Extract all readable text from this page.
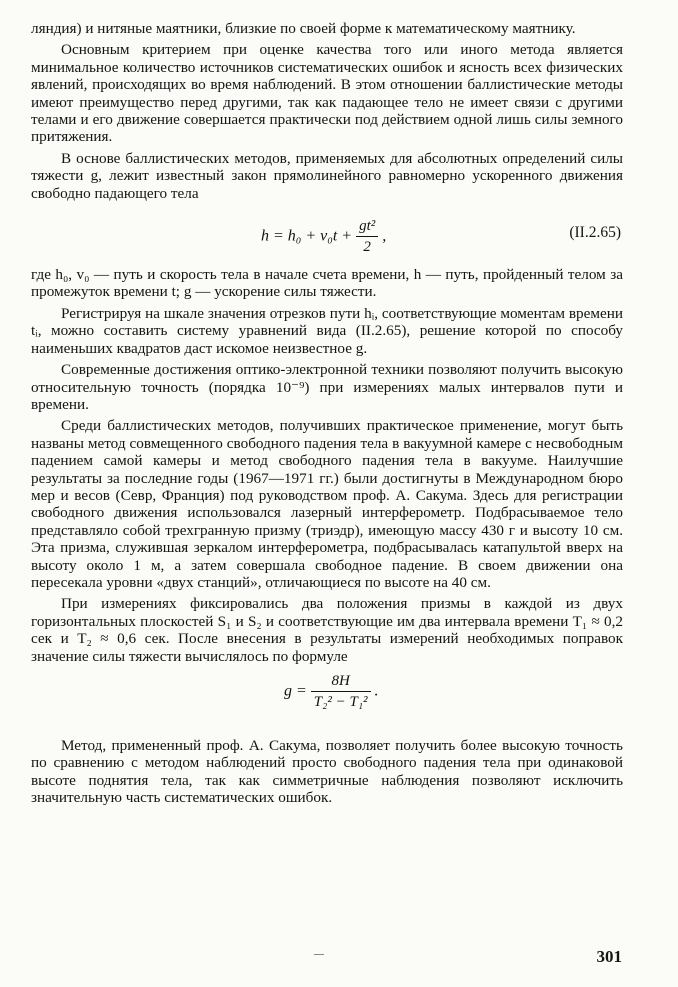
ляндия) и нитяные маятники, близкие по своей форме к математическому маятнику.

Основным критерием при оценке качества того или иного метода является минимальное количество источников систематических ошибок и ясность всех физических явлений, происходящих во время наблюдений. В этом отношении баллистические методы имеют преимущество перед другими, так как падающее тело не имеет связи с другими телами и его движение совершается практически под действием одной лишь силы земного притяжения.

В основе баллистических методов, применяемых для абсолютных определений силы тяжести g, лежит известный закон прямолинейного равномерно ускоренного движения свободно падающего тела

$h = h_0 + v_0t + \frac{\text{gt²}}{2}$ ,	(II.2.65)

где h₀, v₀ — путь и скорость тела в начале счета времени, h — путь, пройденный телом за промежуток времени t; g — ускорение силы тяжести.

Регистрируя на шкале значения отрезков пути hᵢ, соответствующие моментам времени tᵢ, можно составить систему уравнений вида (II.2.65), решение которой по способу наименьших квадратов даст искомое неизвестное g.

Современные достижения оптико-электронной техники позволяют получить высокую относительную точность (порядка 10⁻⁹) при измерениях малых интервалов пути и времени.

Среди баллистических методов, получивших практическое применение, могут быть названы метод совмещенного свободного падения тела в вакуумной камере с несвободным падением самой камеры и метод свободного падения тела в вакууме. Наилучшие результаты за последние годы (1967—1971 гг.) были достигнуты в Международном бюро мер и весов (Севр, Франция) под руководством проф. А. Сакума. Здесь для регистрации свободного движения использовался лазерный интерферометр. Подбрасываемое тело представляло собой трехгранную призму (триэдр), имеющую массу 430 г и высоту 10 см. Эта призма, служившая зеркалом интерферометра, подбрасывалась катапультой вверх на высоту около 1 м, а затем совершала свободное падение. В своем движении она пересекала уровни «двух станций», отличающиеся по высоте на 40 см.

При измерениях фиксировались два положения призмы в каждой из двух горизонтальных плоскостей S₁ и S₂ и соответствующие им два интервала времени T₁ ≈ 0,2 сек и T₂ ≈ 0,6 сек. После внесения в результаты измерений необходимых поправок значение силы тяжести вычислялось по формуле

$g = \frac{8H}{\text{T₂² − T₁²}}$ .

Метод, примененный проф. А. Сакума, позволяет получить более высокую точность по сравнению с методом наблюдений просто свободного падения тела при одинаковой высоте поднятия тела, так как симметричные наблюдения позволяют исключить значительную часть систематических ошибок.

301
